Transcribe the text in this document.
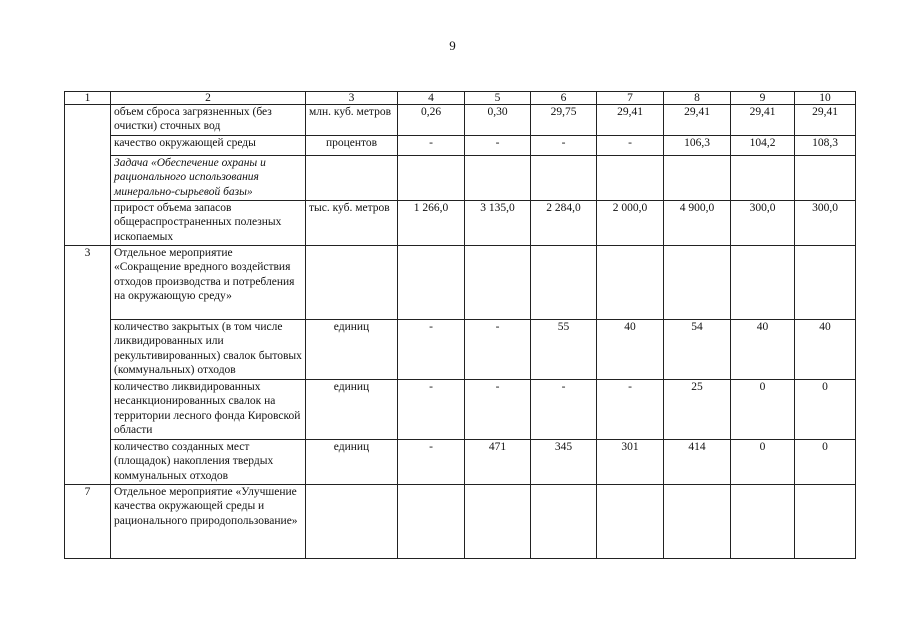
9
1	2	3	4	5	6	7	8	9	10
	объем сброса загрязненных (без очистки) сточных вод	млн. куб. метров	0,26	0,30	29,75	29,41	29,41	29,41	29,41
	качество окружающей среды	процентов	-	-	-	-	106,3	104,2	108,3
	Задача «Обеспечение охраны и рационального использования минерально-сырьевой базы»								
	прирост объема запасов общераспространенных полезных ископаемых	тыс. куб. метров	1 266,0	3 135,0	2 284,0	2 000,0	4 900,0	300,0	300,0
3	Отдельное мероприятие «Сокращение вредного воздействия отходов производства и потребления на окружающую среду»								
	количество закрытых (в том числе ликвидированных или рекультивированных) свалок бытовых (коммунальных) отходов	единиц	-	-	55	40	54	40	40
	количество ликвидированных несанкционированных свалок на территории лесного фонда Кировской области	единиц	-	-	-	-	25	0	0
	количество созданных мест (площадок) накопления твердых коммунальных отходов	единиц	-	471	345	301	414	0	0
7	Отдельное мероприятие «Улучшение качества окружающей среды и рационального природопользование»								
